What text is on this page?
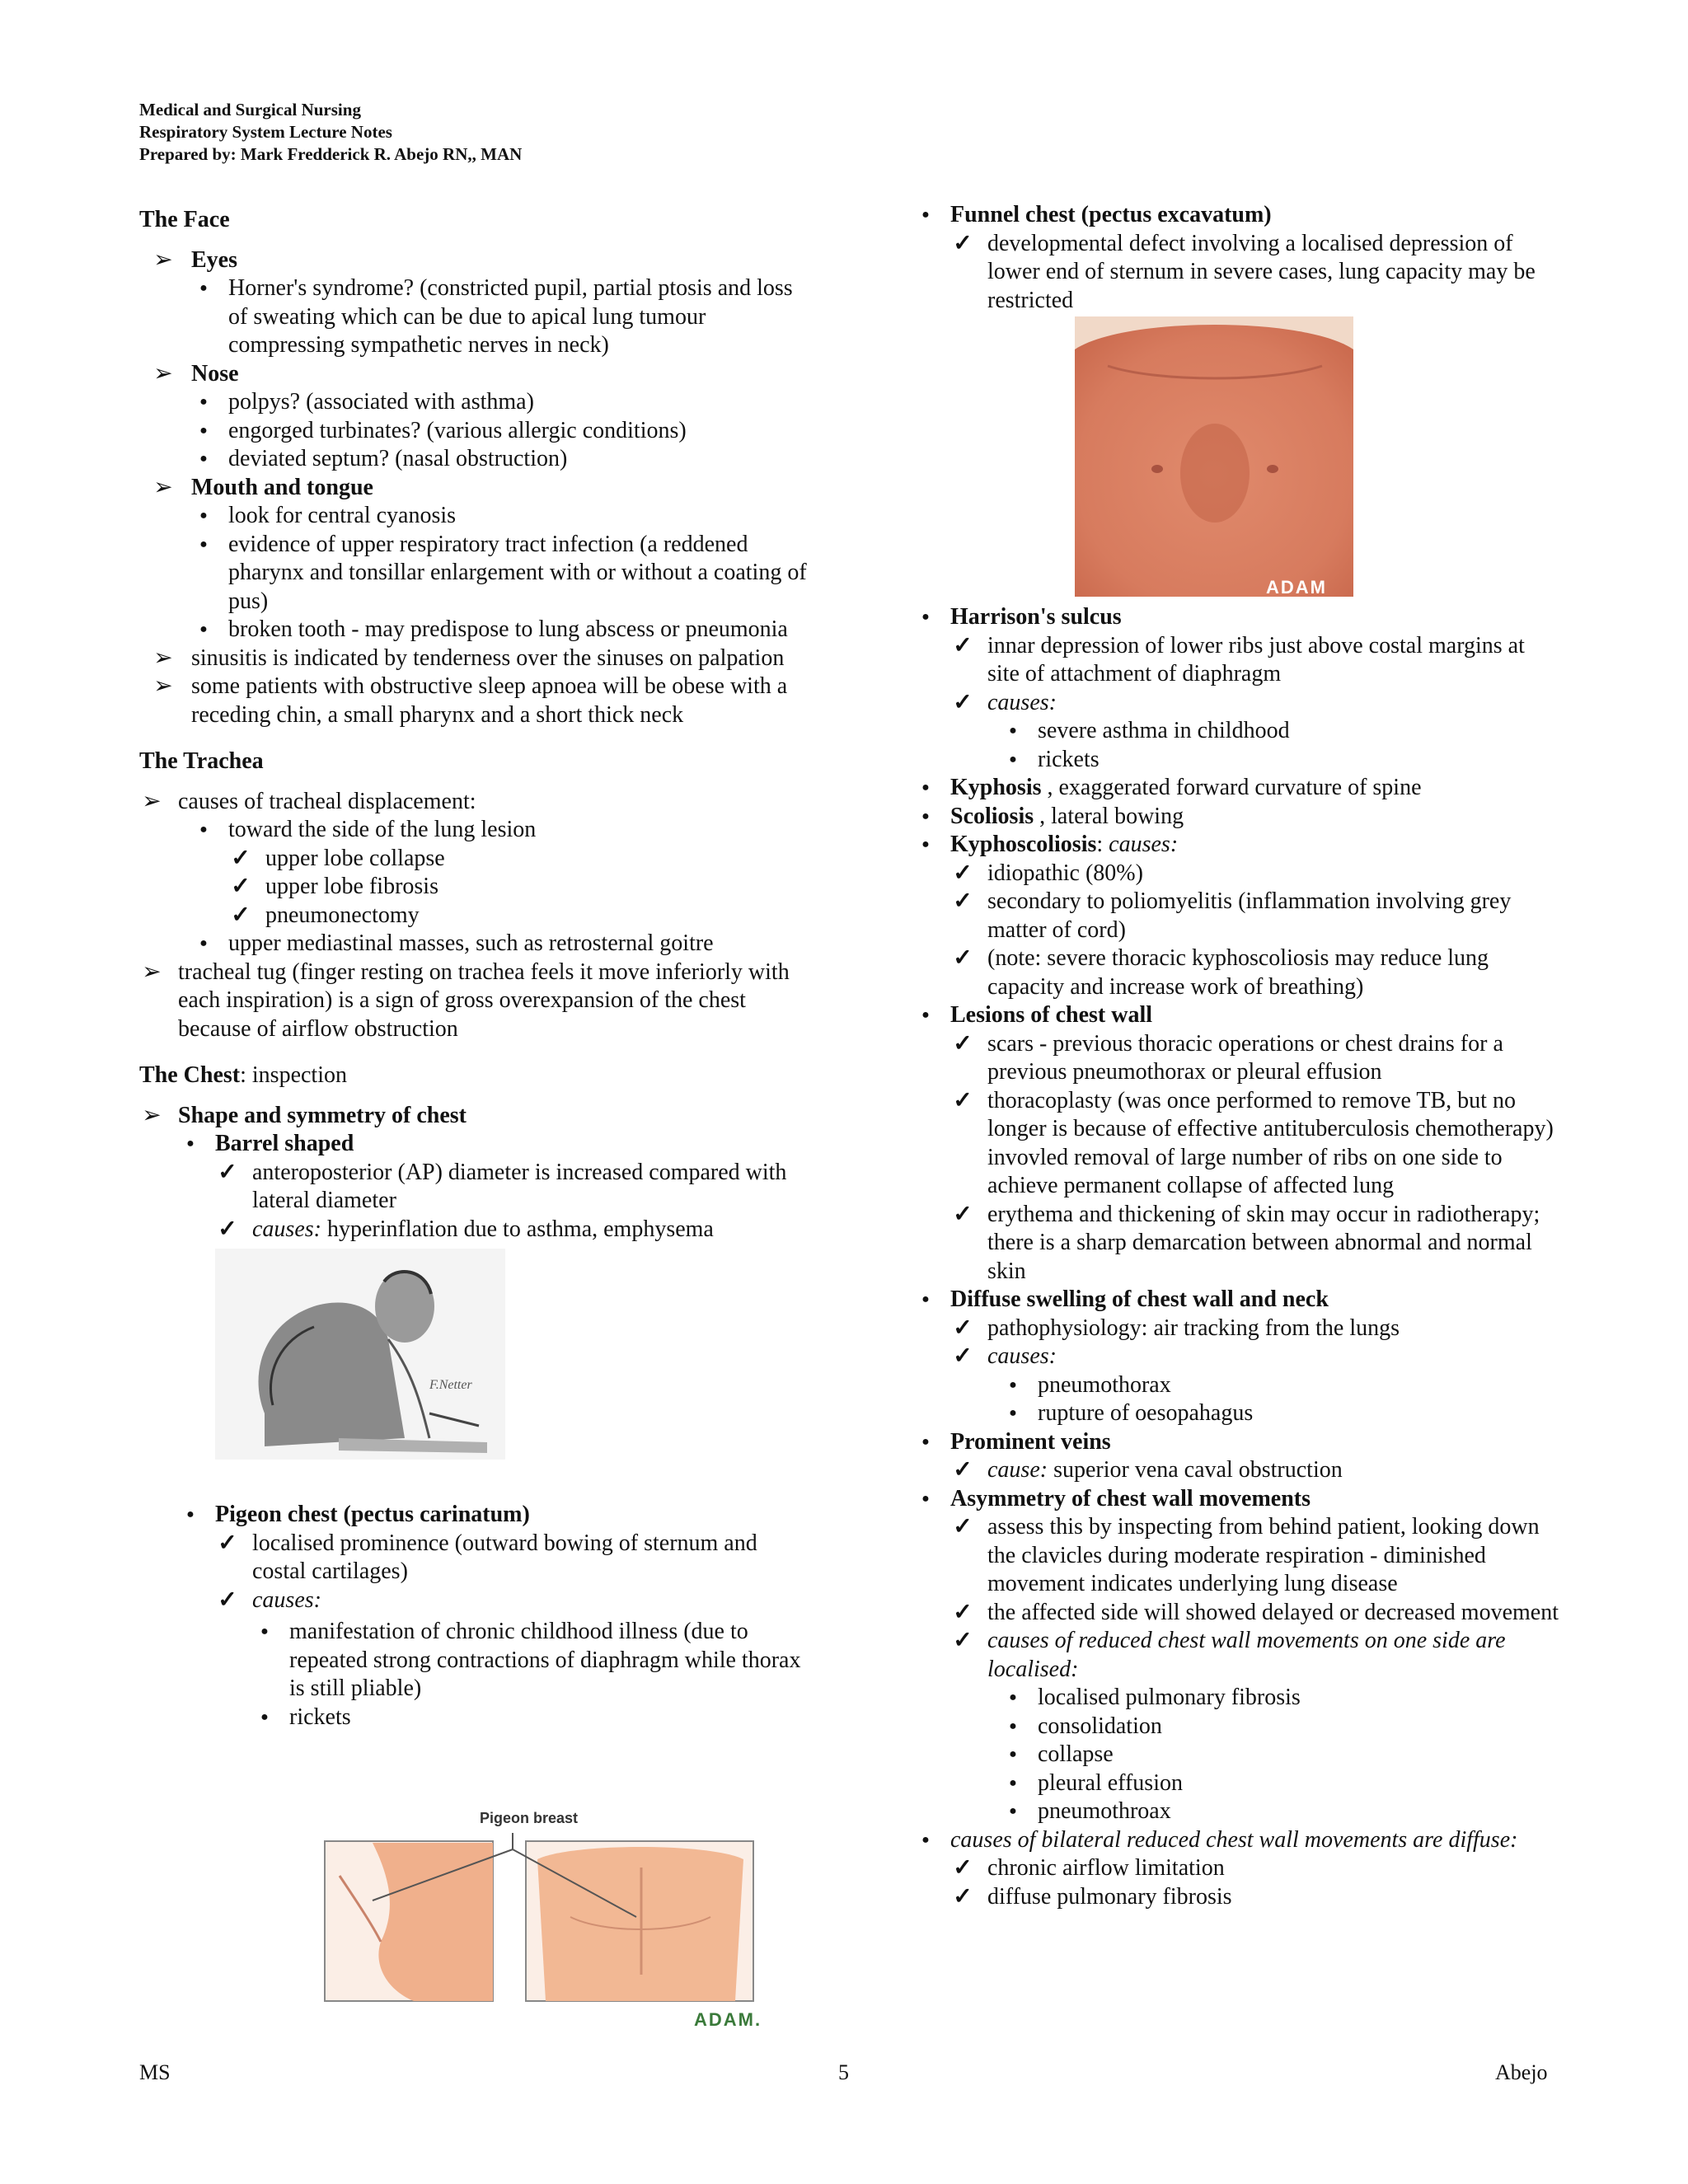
Medical and Surgical Nursing
Respiratory System Lecture Notes
Prepared by: Mark Fredderick R. Abejo RN,, MAN
The Face
➢
Eyes
●
Horner's syndrome? (constricted pupil, partial ptosis and loss of sweating which can be due to apical lung tumour compressing sympathetic nerves in neck)
➢
Nose
●
polpys? (associated with asthma)
●
engorged turbinates? (various allergic conditions)
●
deviated septum? (nasal obstruction)
➢
Mouth and tongue
●
look for central cyanosis
●
evidence of upper respiratory tract infection (a reddened pharynx and tonsillar enlargement with or without a coating of pus)
●
broken tooth - may predispose to lung abscess or pneumonia
➢
sinusitis is indicated by tenderness over the sinuses on palpation
➢
some patients with obstructive sleep apnoea will be obese with a receding chin, a small pharynx and a short thick neck
The Trachea
➢
causes of tracheal displacement:
●
toward the side of the lung lesion
✓
upper lobe collapse
✓
upper lobe fibrosis
✓
pneumonectomy
●
upper mediastinal masses, such as retrosternal goitre
➢
tracheal tug (finger resting on trachea feels it move inferiorly with each inspiration) is a sign of gross overexpansion of the chest because of airflow obstruction
The Chest: inspection
➢
Shape and symmetry of chest
●
Barrel shaped
✓
anteroposterior (AP) diameter is increased compared with lateral diameter
✓
causes: hyperinflation due to asthma, emphysema
F.Netter
●
Pigeon chest (pectus carinatum)
✓
localised prominence (outward bowing of sternum and costal cartilages)
✓
causes:
●
manifestation of chronic childhood illness (due to repeated strong contractions of diaphragm while thorax is still pliable)
●
rickets
Pigeon breast
ADAM.
●
Funnel chest (pectus excavatum)
✓
developmental defect involving a localised depression of lower end of sternum in severe cases, lung capacity may be restricted
ADAM
●
Harrison's sulcus
✓
innar depression of lower ribs just above costal margins at site of attachment of diaphragm
✓
causes:
●
severe asthma in childhood
●
rickets
●
Kyphosis , exaggerated forward curvature of spine
●
Scoliosis , lateral bowing
●
Kyphoscoliosis: causes:
✓
idiopathic (80%)
✓
secondary to poliomyelitis (inflammation involving grey matter of cord)
✓
(note: severe thoracic kyphoscoliosis may reduce lung capacity and increase work of breathing)
●
Lesions of chest wall
✓
scars - previous thoracic operations or chest drains for a previous pneumothorax or pleural effusion
✓
thoracoplasty (was once performed to remove TB, but no longer is because of effective antituberculosis chemotherapy) invovled removal of large number of ribs on one side to achieve permanent collapse of affected lung
✓
erythema and thickening of skin may occur in radiotherapy; there is a sharp demarcation between abnormal and normal skin
●
Diffuse swelling of chest wall and neck
✓
pathophysiology: air tracking from the lungs
✓
causes:
●
pneumothorax
●
rupture of oesopahagus
●
Prominent veins
✓
cause: superior vena caval obstruction
●
Asymmetry of chest wall movements
✓
assess this by inspecting from behind patient, looking down the clavicles during moderate respiration - diminished movement indicates underlying lung disease
✓
the affected side will showed delayed or decreased movement
✓
causes of reduced chest wall movements on one side are localised:
●
localised pulmonary fibrosis
●
consolidation
●
collapse
●
pleural effusion
●
pneumothroax
●
causes of bilateral reduced chest wall movements are diffuse:
✓
chronic airflow limitation
✓
diffuse pulmonary fibrosis
MS	5	Abejo
